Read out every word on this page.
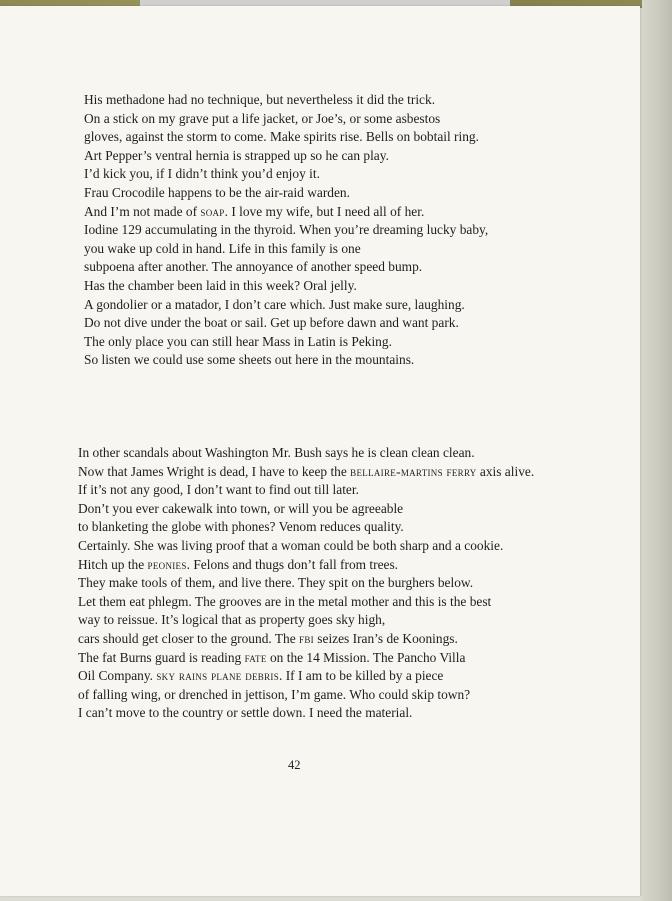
His methadone had no technique, but nevertheless it did the trick.
On a stick on my grave put a life jacket, or Joe’s, or some asbestos
gloves, against the storm to come. Make spirits rise. Bells on bobtail ring.
Art Pepper’s ventral hernia is strapped up so he can play.
I’d kick you, if I didn’t think you’d enjoy it.
Frau Crocodile happens to be the air-raid warden.
And I’m not made of soap. I love my wife, but I need all of her.
Iodine 129 accumulating in the thyroid. When you’re dreaming lucky baby,
you wake up cold in hand. Life in this family is one
subpoena after another. The annoyance of another speed bump.
Has the chamber been laid in this week? Oral jelly.
A gondolier or a matador, I don’t care which. Just make sure, laughing.
Do not dive under the boat or sail. Get up before dawn and want park.
The only place you can still hear Mass in Latin is Peking.
So listen we could use some sheets out here in the mountains.
In other scandals about Washington Mr. Bush says he is clean clean clean.
Now that James Wright is dead, I have to keep the bellaire-martins ferry axis alive.
If it’s not any good, I don’t want to find out till later.
Don’t you ever cakewalk into town, or will you be agreeable
to blanketing the globe with phones? Venom reduces quality.
Certainly. She was living proof that a woman could be both sharp and a cookie.
Hitch up the peonies. Felons and thugs don’t fall from trees.
They make tools of them, and live there. They spit on the burghers below.
Let them eat phlegm. The grooves are in the metal mother and this is the best
way to reissue. It’s logical that as property goes sky high,
cars should get closer to the ground. The fbi seizes Iran’s de Koonings.
The fat Burns guard is reading fate on the 14 Mission. The Pancho Villa
Oil Company. sky rains plane debris. If I am to be killed by a piece
of falling wing, or drenched in jettison, I’m game. Who could skip town?
I can’t move to the country or settle down. I need the material.
42
